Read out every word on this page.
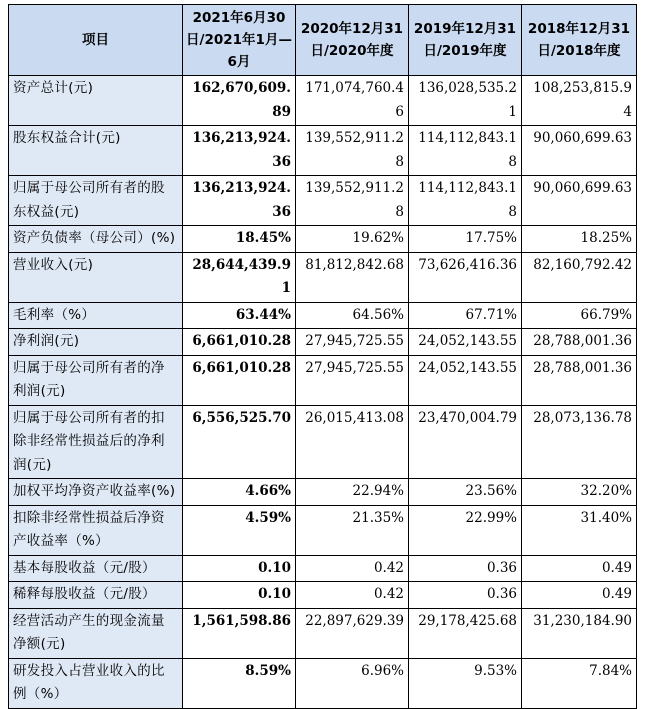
项目	2021年6月30日/2021年1月—6月	2020年12月31日/2020年度	2019年12月31日/2019年度	2018年12月31日/2018年度
资产总计(元)	162,670,609.89	171,074,760.46	136,028,535.21	108,253,815.94
股东权益合计(元)	136,213,924.36	139,552,911.28	114,112,843.18	90,060,699.63
归属于母公司所有者的股东权益(元)	136,213,924.36	139,552,911.28	114,112,843.18	90,060,699.63
资产负债率（母公司）(%)	18.45%	19.62%	17.75%	18.25%
营业收入(元)	28,644,439.91	81,812,842.68	73,626,416.36	82,160,792.42
毛利率（%）	63.44%	64.56%	67.71%	66.79%
净利润(元)	6,661,010.28	27,945,725.55	24,052,143.55	28,788,001.36
归属于母公司所有者的净利润(元)	6,661,010.28	27,945,725.55	24,052,143.55	28,788,001.36
归属于母公司所有者的扣除非经常性损益后的净利润(元)	6,556,525.70	26,015,413.08	23,470,004.79	28,073,136.78
加权平均净资产收益率(%)	4.66%	22.94%	23.56%	32.20%
扣除非经常性损益后净资产收益率（%）	4.59%	21.35%	22.99%	31.40%
基本每股收益（元/股）	0.10	0.42	0.36	0.49
稀释每股收益（元/股）	0.10	0.42	0.36	0.49
经营活动产生的现金流量净额(元)	1,561,598.86	22,897,629.39	29,178,425.68	31,230,184.90
研发投入占营业收入的比例（%）	8.59%	6.96%	9.53%	7.84%
